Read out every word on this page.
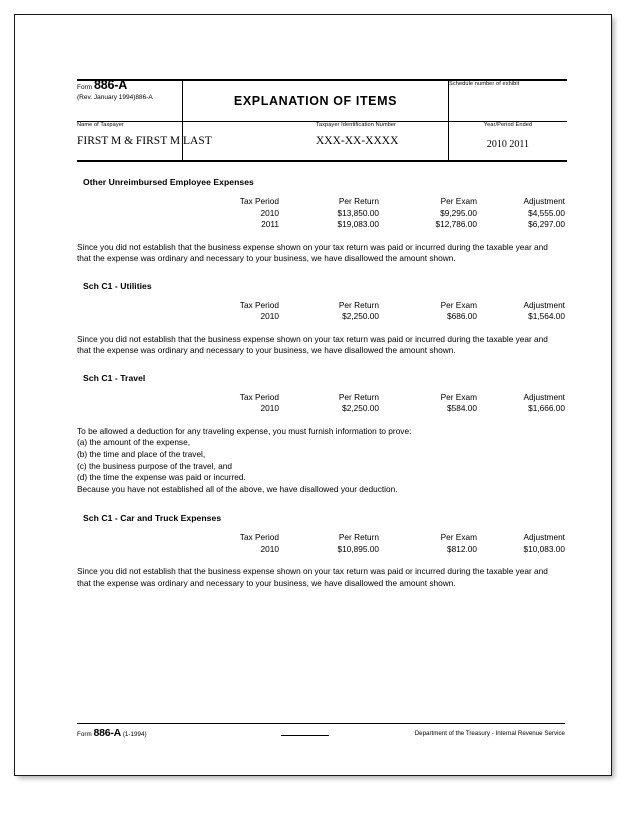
Form 886-A
(Rev. January 1994)886-A	EXPLANATION OF ITEMS	Schedule number of exhibit

Name of Taxpayer
FIRST M & FIRST M LAST

Taxpayer Identification Number
XXX-XX-XXXX

Year/Period Ended
2010 2011
Other Unreimbursed Employee Expenses
Tax Period	Per Return	Per Exam	Adjustment
2010	$13,850.00	$9,295.00	$4,555.00
2011	$19,083.00	$12,786.00	$6,297.00

Since you did not establish that the business expense shown on your tax return was paid or incurred during the taxable year and that the expense was ordinary and necessary to your business, we have disallowed the amount shown.

Sch C1 - Utilities
Tax Period	Per Return	Per Exam	Adjustment
2010	$2,250.00	$686.00	$1,564.00

Since you did not establish that the business expense shown on your tax return was paid or incurred during the taxable year and that the expense was ordinary and necessary to your business, we have disallowed the amount shown.

Sch C1 - Travel
Tax Period	Per Return	Per Exam	Adjustment
2010	$2,250.00	$584.00	$1,666.00
To be allowed a deduction for any traveling expense, you must furnish information to prove:
(a) the amount of the expense,
(b) the time and place of the travel,
(c) the business purpose of the travel, and
(d) the time the expense was paid or incurred.
Because you have not established all of the above, we have disallowed your deduction.
Sch C1 - Car and Truck Expenses
Tax Period	Per Return	Per Exam	Adjustment
2010	$10,895.00	$812.00	$10,083.00

Since you did not establish that the business expense shown on your tax return was paid or incurred during the taxable year and that the expense was ordinary and necessary to your business, we have disallowed the amount shown.

Form 886-A (1-1994)	Department of the Treasury - Internal Revenue Service
